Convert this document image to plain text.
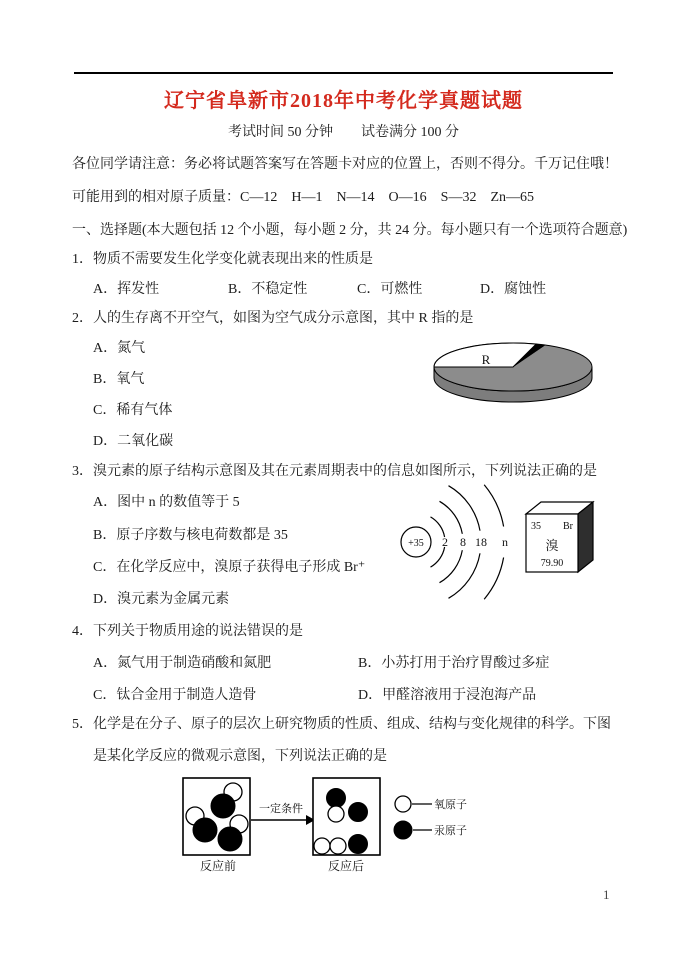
辽宁省阜新市2018年中考化学真题试题
考试时间 50 分钟        试卷满分 100 分
各位同学请注意：务必将试题答案写在答题卡对应的位置上，否则不得分。千万记住哦！
可能用到的相对原子质量：C—12    H—1    N—14    O—16    S—32    Zn—65
一、选择题(本大题包括 12 个小题，每小题 2 分，共 24 分。每小题只有一个选项符合题意)
1．物质不需要发生化学变化就表现出来的性质是
A．挥发性	B．不稳定性	C．可燃性	D．腐蚀性
2．人的生存离不开空气，如图为空气成分示意图，其中 R 指的是
A．氮气
B．氧气
C．稀有气体
D．二氧化碳
R
3．溴元素的原子结构示意图及其在元素周期表中的信息如图所示，下列说法正确的是
A．图中 n 的数值等于 5
B．原子序数与核电荷数都是 35
C．在化学反应中，溴原子获得电子形成 Br⁺
D．溴元素为金属元素
+35 2 8 18 n
35 Br
溴
79.90
4．下列关于物质用途的说法错误的是
A．氮气用于制造硝酸和氮肥	B．小苏打用于治疗胃酸过多症
C．钛合金用于制造人造骨	D．甲醛溶液用于浸泡海产品
5．化学是在分子、原子的层次上研究物质的性质、组成、结构与变化规律的科学。下图
是某化学反应的微观示意图，下列说法正确的是
反应前
一定条件
反应后
氧原子
汞原子
1
